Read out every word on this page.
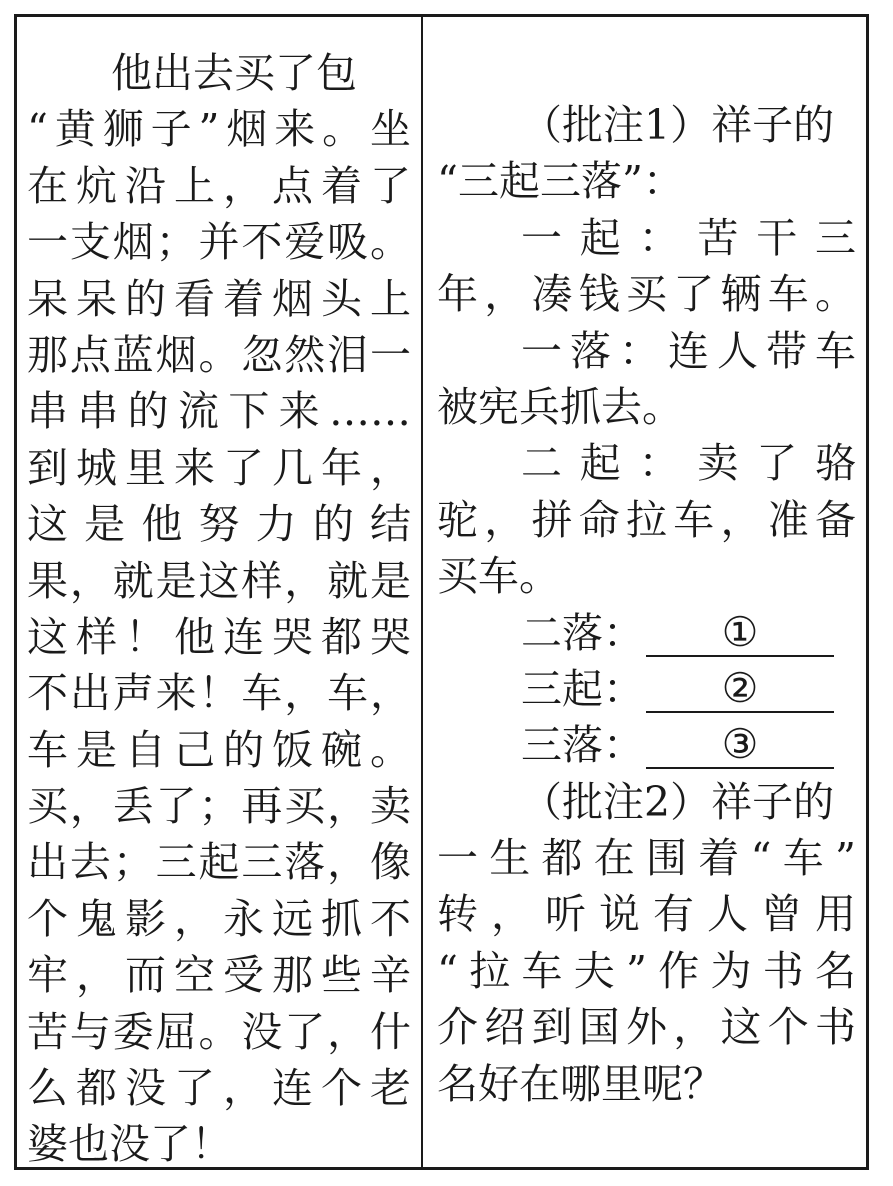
他出去买了包
“黄狮子”烟来。坐
在炕沿上，点着了
一支烟；并不爱吸。
呆呆的看着烟头上
那点蓝烟。忽然泪一
串串的流下来……
到城里来了几年，
这是他努力的结
果，就是这样，就是
这样！他连哭都哭
不出声来！车，车，
车是自己的饭碗。
买，丢了；再买，卖
出去；三起三落，像
个鬼影，永远抓不
牢，而空受那些辛
苦与委屈。没了，什
么都没了，连个老
婆也没了！
（批注1）祥子的
“三起三落”：
一起：苦干三
年，凑钱买了辆车。
一落：连人带车
被宪兵抓去。
二起：卖了骆
驼，拼命拉车，准备
买车。
二落：	①
三起：	②
三落：	③
（批注2）祥子的
一生都在围着“车”
转，听说有人曾用
“拉车夫”作为书名
介绍到国外，这个书
名好在哪里呢？
